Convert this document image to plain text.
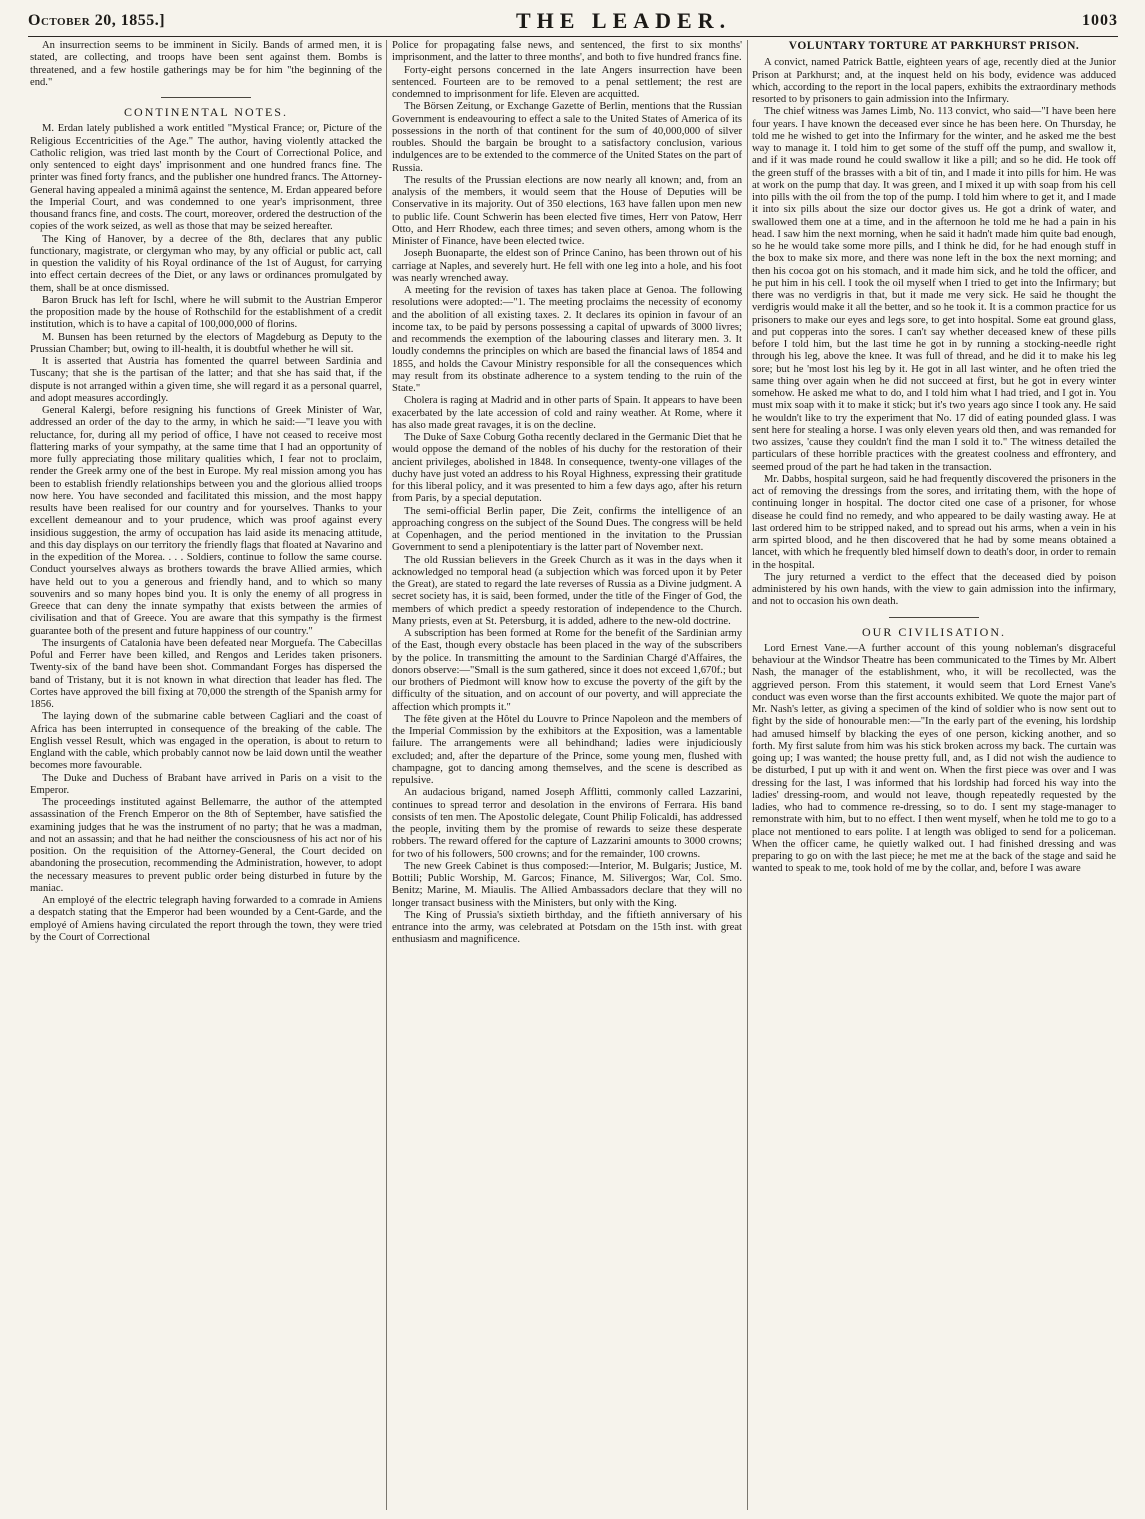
October 20, 1855.]	THE LEADER.	1003

An insurrection seems to be imminent in Sicily. Bands of armed men, it is stated, are collecting, and troops have been sent against them. Bombs is threatened, and a few hostile gatherings may be for him "the beginning of the end."

CONTINENTAL NOTES.

M. Erdan lately published a work entitled "Mystical France; or, Picture of the Religious Eccentricities of the Age." The author, having violently attacked the Catholic religion, was tried last month by the Court of Correctional Police, and only sentenced to eight days' imprisonment and one hundred francs fine. The printer was fined forty francs, and the publisher one hundred francs. The Attorney-General having appealed a minimâ against the sentence, M. Erdan appeared before the Imperial Court, and was condemned to one year's imprisonment, three thousand francs fine, and costs. The court, moreover, ordered the destruction of the copies of the work seized, as well as those that may be seized hereafter.

The King of Hanover, by a decree of the 8th, declares that any public functionary, magistrate, or clergyman who may, by any official or public act, call in question the validity of his Royal ordinance of the 1st of August, for carrying into effect certain decrees of the Diet, or any laws or ordinances promulgated by them, shall be at once dismissed.

Baron Bruck has left for Ischl, where he will submit to the Austrian Emperor the proposition made by the house of Rothschild for the establishment of a credit institution, which is to have a capital of 100,000,000 of florins.

M. Bunsen has been returned by the electors of Magdeburg as Deputy to the Prussian Chamber; but, owing to ill-health, it is doubtful whether he will sit.

It is asserted that Austria has fomented the quarrel between Sardinia and Tuscany; that she is the partisan of the latter; and that she has said that, if the dispute is not arranged within a given time, she will regard it as a personal quarrel, and adopt measures accordingly.

General Kalergi, before resigning his functions of Greek Minister of War, addressed an order of the day to the army, in which he said:—"I leave you with reluctance, for, during all my period of office, I have not ceased to receive most flattering marks of your sympathy, at the same time that I had an opportunity of more fully appreciating those military qualities which, I fear not to proclaim, render the Greek army one of the best in Europe. My real mission among you has been to establish friendly relationships between you and the glorious allied troops now here. You have seconded and facilitated this mission, and the most happy results have been realised for our country and for yourselves. Thanks to your excellent demeanour and to your prudence, which was proof against every insidious suggestion, the army of occupation has laid aside its menacing attitude, and this day displays on our territory the friendly flags that floated at Navarino and in the expedition of the Morea. . . . Soldiers, continue to follow the same course. Conduct yourselves always as brothers towards the brave Allied armies, which have held out to you a generous and friendly hand, and to which so many souvenirs and so many hopes bind you. It is only the enemy of all progress in Greece that can deny the innate sympathy that exists between the armies of civilisation and that of Greece. You are aware that this sympathy is the firmest guarantee both of the present and future happiness of our country."

The insurgents of Catalonia have been defeated near Morguefa. The Cabecillas Poful and Ferrer have been killed, and Rengos and Lerides taken prisoners. Twenty-six of the band have been shot. Commandant Forges has dispersed the band of Tristany, but it is not known in what direction that leader has fled. The Cortes have approved the bill fixing at 70,000 the strength of the Spanish army for 1856.

The laying down of the submarine cable between Cagliari and the coast of Africa has been interrupted in consequence of the breaking of the cable. The English vessel Result, which was engaged in the operation, is about to return to England with the cable, which probably cannot now be laid down until the weather becomes more favourable.

The Duke and Duchess of Brabant have arrived in Paris on a visit to the Emperor.

The proceedings instituted against Bellemarre, the author of the attempted assassination of the French Emperor on the 8th of September, have satisfied the examining judges that he was the instrument of no party; that he was a madman, and not an assassin; and that he had neither the consciousness of his act nor of his position. On the requisition of the Attorney-General, the Court decided on abandoning the prosecution, recommending the Administration, however, to adopt the necessary measures to prevent public order being disturbed in future by the maniac.

An employé of the electric telegraph having forwarded to a comrade in Amiens a despatch stating that the Emperor had been wounded by a Cent-Garde, and the employé of Amiens having circulated the report through the town, they were tried by the Court of Correctional

Police for propagating false news, and sentenced, the first to six months' imprisonment, and the latter to three months', and both to five hundred francs fine.

Forty-eight persons concerned in the late Angers insurrection have been sentenced. Fourteen are to be removed to a penal settlement; the rest are condemned to imprisonment for life. Eleven are acquitted.

The Börsen Zeitung, or Exchange Gazette of Berlin, mentions that the Russian Government is endeavouring to effect a sale to the United States of America of its possessions in the north of that continent for the sum of 40,000,000 of silver roubles. Should the bargain be brought to a satisfactory conclusion, various indulgences are to be extended to the commerce of the United States on the part of Russia.

The results of the Prussian elections are now nearly all known; and, from an analysis of the members, it would seem that the House of Deputies will be Conservative in its majority. Out of 350 elections, 163 have fallen upon men new to public life. Count Schwerin has been elected five times, Herr von Patow, Herr Otto, and Herr Rhodew, each three times; and seven others, among whom is the Minister of Finance, have been elected twice.

Joseph Buonaparte, the eldest son of Prince Canino, has been thrown out of his carriage at Naples, and severely hurt. He fell with one leg into a hole, and his foot was nearly wrenched away.

A meeting for the revision of taxes has taken place at Genoa. The following resolutions were adopted:—"1. The meeting proclaims the necessity of economy and the abolition of all existing taxes. 2. It declares its opinion in favour of an income tax, to be paid by persons possessing a capital of upwards of 3000 livres; and recommends the exemption of the labouring classes and literary men. 3. It loudly condemns the principles on which are based the financial laws of 1854 and 1855, and holds the Cavour Ministry responsible for all the consequences which may result from its obstinate adherence to a system tending to the ruin of the State."

Cholera is raging at Madrid and in other parts of Spain. It appears to have been exacerbated by the late accession of cold and rainy weather. At Rome, where it has also made great ravages, it is on the decline.

The Duke of Saxe Coburg Gotha recently declared in the Germanic Diet that he would oppose the demand of the nobles of his duchy for the restoration of their ancient privileges, abolished in 1848. In consequence, twenty-one villages of the duchy have just voted an address to his Royal Highness, expressing their gratitude for this liberal policy, and it was presented to him a few days ago, after his return from Paris, by a special deputation.

The semi-official Berlin paper, Die Zeit, confirms the intelligence of an approaching congress on the subject of the Sound Dues. The congress will be held at Copenhagen, and the period mentioned in the invitation to the Prussian Government to send a plenipotentiary is the latter part of November next.

The old Russian believers in the Greek Church as it was in the days when it acknowledged no temporal head (a subjection which was forced upon it by Peter the Great), are stated to regard the late reverses of Russia as a Divine judgment. A secret society has, it is said, been formed, under the title of the Finger of God, the members of which predict a speedy restoration of independence to the Church. Many priests, even at St. Petersburg, it is added, adhere to the new-old doctrine.

A subscription has been formed at Rome for the benefit of the Sardinian army of the East, though every obstacle has been placed in the way of the subscribers by the police. In transmitting the amount to the Sardinian Chargé d'Affaires, the donors observe:—"Small is the sum gathered, since it does not exceed 1,670f.; but our brothers of Piedmont will know how to excuse the poverty of the gift by the difficulty of the situation, and on account of our poverty, and will appreciate the affection which prompts it."

The fête given at the Hôtel du Louvre to Prince Napoleon and the members of the Imperial Commission by the exhibitors at the Exposition, was a lamentable failure. The arrangements were all behindhand; ladies were injudiciously excluded; and, after the departure of the Prince, some young men, flushed with champagne, got to dancing among themselves, and the scene is described as repulsive.

An audacious brigand, named Joseph Afflitti, commonly called Lazzarini, continues to spread terror and desolation in the environs of Ferrara. His band consists of ten men. The Apostolic delegate, Count Philip Folicaldi, has addressed the people, inviting them by the promise of rewards to seize these desperate robbers. The reward offered for the capture of Lazzarini amounts to 3000 crowns; for two of his followers, 500 crowns; and for the remainder, 100 crowns.

The new Greek Cabinet is thus composed:—Interior, M. Bulgaris; Justice, M. Bottili; Public Worship, M. Garcos; Finance, M. Silivergos; War, Col. Smo. Benitz; Marine, M. Miaulis. The Allied Ambassadors declare that they will no longer transact business with the Ministers, but only with the King.

The King of Prussia's sixtieth birthday, and the fiftieth anniversary of his entrance into the army, was celebrated at Potsdam on the 15th inst. with great enthusiasm and magnificence.

VOLUNTARY TORTURE AT PARKHURST PRISON.

A convict, named Patrick Battle, eighteen years of age, recently died at the Junior Prison at Parkhurst; and, at the inquest held on his body, evidence was adduced which, according to the report in the local papers, exhibits the extraordinary methods resorted to by prisoners to gain admission into the Infirmary.

The chief witness was James Limb, No. 113 convict, who said—"I have been here four years. I have known the deceased ever since he has been here. On Thursday, he told me he wished to get into the Infirmary for the winter, and he asked me the best way to manage it. I told him to get some of the stuff off the pump, and swallow it, and if it was made round he could swallow it like a pill; and so he did. He took off the green stuff of the brasses with a bit of tin, and I made it into pills for him. He was at work on the pump that day. It was green, and I mixed it up with soap from his cell into pills with the oil from the top of the pump. I told him where to get it, and I made it into six pills about the size our doctor gives us. He got a drink of water, and swallowed them one at a time, and in the afternoon he told me he had a pain in his head. I saw him the next morning, when he said it hadn't made him quite bad enough, so he he would take some more pills, and I think he did, for he had enough stuff in the box to make six more, and there was none left in the box the next morning; and then his cocoa got on his stomach, and it made him sick, and he told the officer, and he put him in his cell. I took the oil myself when I tried to get into the Infirmary; but there was no verdigris in that, but it made me very sick. He said he thought the verdigris would make it all the better, and so he took it. It is a common practice for us prisoners to make our eyes and legs sore, to get into hospital. Some eat ground glass, and put copperas into the sores. I can't say whether deceased knew of these pills before I told him, but the last time he got in by running a stocking-needle right through his leg, above the knee. It was full of thread, and he did it to make his leg sore; but he 'most lost his leg by it. He got in all last winter, and he often tried the same thing over again when he did not succeed at first, but he got in every winter somehow. He asked me what to do, and I told him what I had tried, and I got in. You must mix soap with it to make it stick; but it's two years ago since I took any. He said he wouldn't like to try the experiment that No. 17 did of eating pounded glass. I was sent here for stealing a horse. I was only eleven years old then, and was remanded for two assizes, 'cause they couldn't find the man I sold it to." The witness detailed the particulars of these horrible practices with the greatest coolness and effrontery, and seemed proud of the part he had taken in the transaction.

Mr. Dabbs, hospital surgeon, said he had frequently discovered the prisoners in the act of removing the dressings from the sores, and irritating them, with the hope of continuing longer in hospital. The doctor cited one case of a prisoner, for whose disease he could find no remedy, and who appeared to be daily wasting away. He at last ordered him to be stripped naked, and to spread out his arms, when a vein in his arm spirted blood, and he then discovered that he had by some means obtained a lancet, with which he frequently bled himself down to death's door, in order to remain in the hospital.

The jury returned a verdict to the effect that the deceased died by poison administered by his own hands, with the view to gain admission into the infirmary, and not to occasion his own death.

OUR CIVILISATION.

Lord Ernest Vane.—A further account of this young nobleman's disgraceful behaviour at the Windsor Theatre has been communicated to the Times by Mr. Albert Nash, the manager of the establishment, who, it will be recollected, was the aggrieved person. From this statement, it would seem that Lord Ernest Vane's conduct was even worse than the first accounts exhibited. We quote the major part of Mr. Nash's letter, as giving a specimen of the kind of soldier who is now sent out to fight by the side of honourable men:—"In the early part of the evening, his lordship had amused himself by blacking the eyes of one person, kicking another, and so forth. My first salute from him was his stick broken across my back. The curtain was going up; I was wanted; the house pretty full, and, as I did not wish the audience to be disturbed, I put up with it and went on. When the first piece was over and I was dressing for the last, I was informed that his lordship had forced his way into the ladies' dressing-room, and would not leave, though repeatedly requested by the ladies, who had to commence re-dressing, so to do. I sent my stage-manager to remonstrate with him, but to no effect. I then went myself, when he told me to go to a place not mentioned to ears polite. I at length was obliged to send for a policeman. When the officer came, he quietly walked out. I had finished dressing and was preparing to go on with the last piece; he met me at the back of the stage and said he wanted to speak to me, took hold of me by the collar, and, before I was aware
